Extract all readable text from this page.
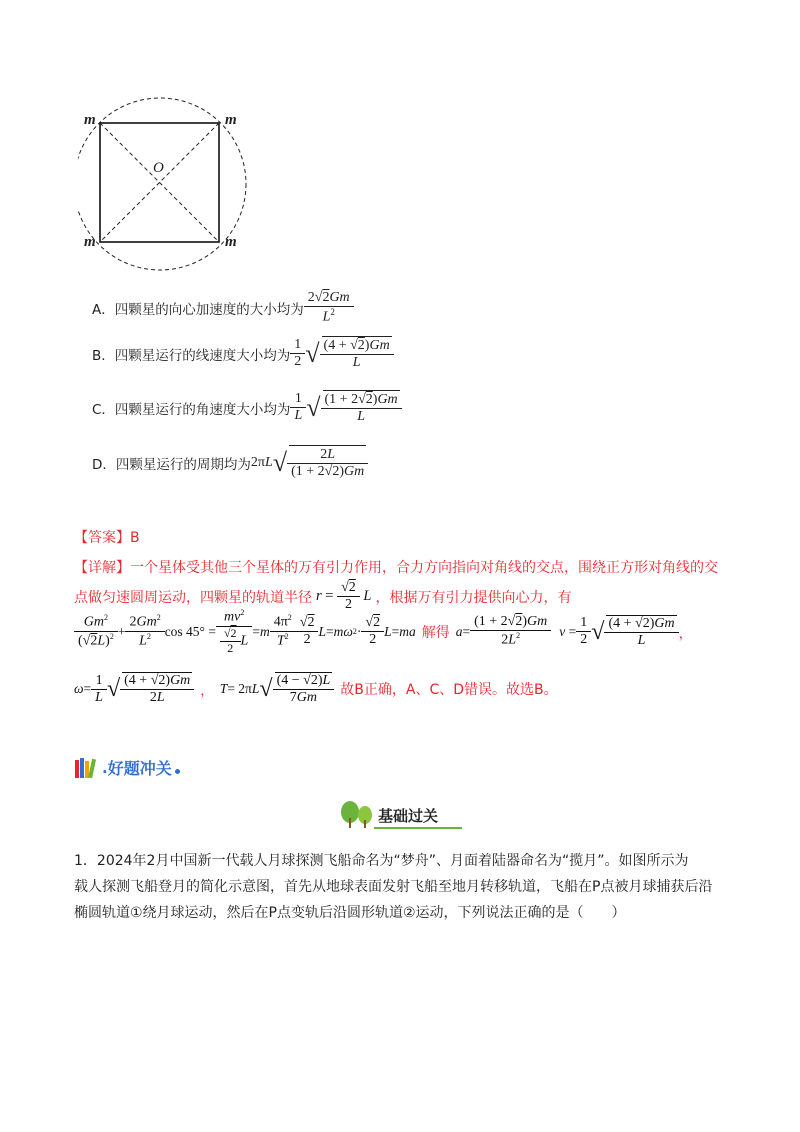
m	m
m	m
O
A．四颗星的向心加速度的大小均为 $\frac{2√2Gm}{L^2}$
B．四颗星运行的线速度大小均为 $\frac{1}{2}$ √ $\frac{(4 + √2)Gm}{L}$
C．四颗星运行的角速度大小均为 $\frac{1}{L}$ √ $\frac{(1 + 2√2)Gm}{L}$
D．四颗星运行的周期均为 2πL √ $\frac{2L}{(1 + 2√2)Gm}$
【答案】B
【详解】一个星体受其他三个星体的万有引力作用，合力方向指向对角线的交点，围绕正方形对角线的交
点做匀速圆周运动，四颗星的轨道半径 $r = \frac{√2}{2}$ L ，根据万有引力提供向心力，有
$\frac{Gm^2}{(√2L)^2} + \frac{2Gm^2}{L^2}$ $\cos 45^\circ = \frac{mv^2}{\frac{√2}{2} L} = m \frac{4\pi^2}{T^2} \frac{√2}{2}$ L = mω $2 \cdot \frac{√2}{2}$ L = ma 解得 $a = \frac{(1 + 2√2)Gm}{2L^2}$ $v = \frac{1}{2}$ √ $\frac{(4 + √2)Gm}{L}$ ，
$\omega = \frac{1}{L}$ √ $\frac{(4 + √2)Gm}{2L}$ ， T = 2π L √ $\frac{(4 - √2)L}{7Gm}$ 故B正确，A、C、D错误。故选B。
. 好题冲关
基础过关
1．2024年2月中国新一代载人月球探测飞船命名为“梦舟”、月面着陆器命名为“揽月”。如图所示为
载人探测飞船登月的简化示意图，首先从地球表面发射飞船至地月转移轨道，飞船在P点被月球捕获后沿
椭圆轨道①绕月球运动，然后在P点变轨后沿圆形轨道②运动，下列说法正确的是（　　）
